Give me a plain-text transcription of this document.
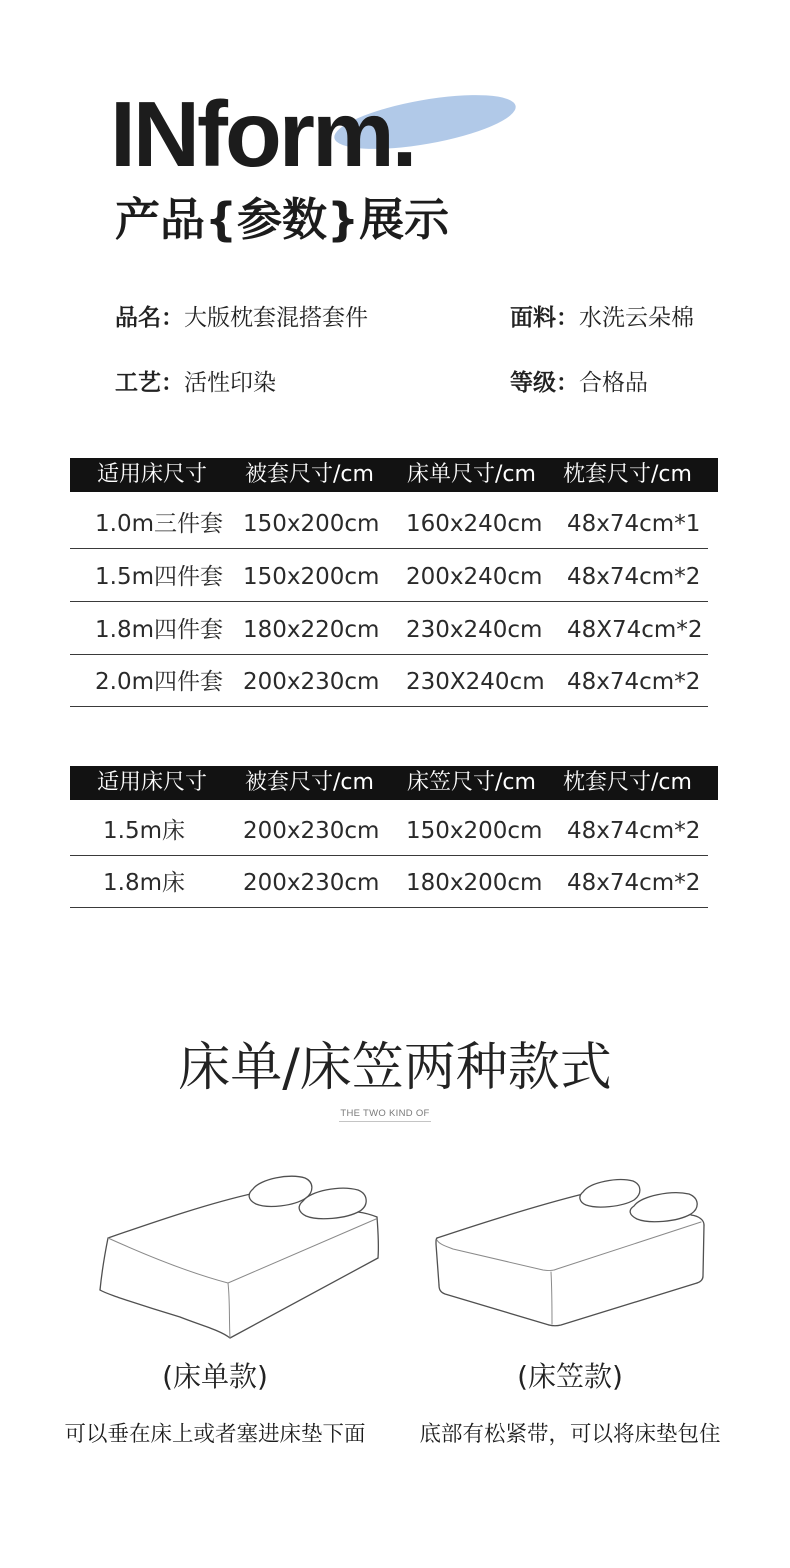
INform.
产品{参数}展示
品名：大版枕套混搭套件	面料：水洗云朵棉
工艺：活性印染	等级：合格品
适用床尺寸 被套尺寸/cm 床单尺寸/cm 枕套尺寸/cm
1.0m三件套 150x200cm 160x240cm 48x74cm*1
1.5m四件套 150x200cm 200x240cm 48x74cm*2
1.8m四件套 180x220cm 230x240cm 48X74cm*2
2.0m四件套 200x230cm 230X240cm 48x74cm*2
适用床尺寸 被套尺寸/cm 床笠尺寸/cm 枕套尺寸/cm
1.5m床	200x230cm 150x200cm 48x74cm*2
1.8m床	200x230cm 180x200cm 48x74cm*2
床单/床笠两种款式
THE TWO KIND OF
(床单款)
可以垂在床上或者塞进床垫下面
(床笠款)
底部有松紧带，可以将床垫包住
